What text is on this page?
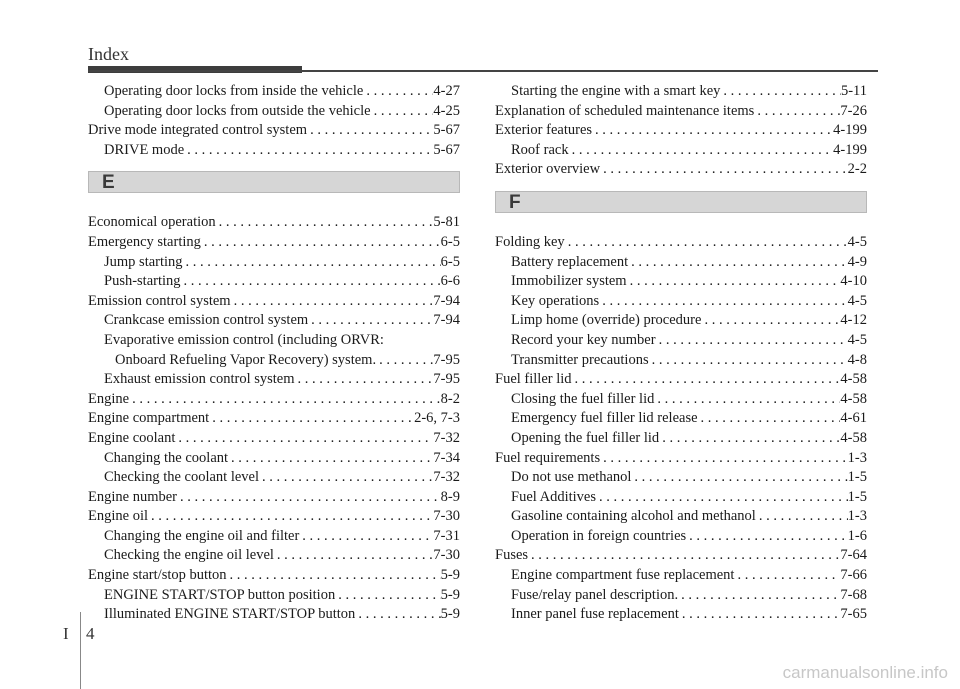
Index
Operating door locks from inside the vehicle . . .	4-27
Operating door locks from outside the vehicle . . .	4-25
Drive mode integrated control system . . .	5-67
DRIVE mode . . .	5-67
E
Economical operation . . .	5-81
Emergency starting . . .	6-5
Jump starting . . .	6-5
Push-starting . . .	6-6
Emission control system . . .	7-94
Crankcase emission control system . . .	7-94
Evaporative emission control (including ORVR:
Onboard Refueling Vapor Recovery) system. . . .	7-95
Exhaust emission control system . . .	7-95
Engine . . .	8-2
Engine compartment . . .	2-6, 7-3
Engine coolant . . .	7-32
Changing the coolant . . .	7-34
Checking the coolant level . . .	7-32
Engine number . . .	8-9
Engine oil . . .	7-30
Changing the engine oil and filter . . .	7-31
Checking the engine oil level . . .	7-30
Engine start/stop button . . .	5-9
ENGINE START/STOP button position . . .	5-9
Illuminated ENGINE START/STOP button . . .	5-9
Starting the engine with a smart key . . .	5-11
Explanation of scheduled maintenance items . . .	7-26
Exterior features . . .	4-199
Roof rack . . .	4-199
Exterior overview . . .	2-2
F
Folding key . . .	4-5
Battery replacement . . .	4-9
Immobilizer system . . .	4-10
Key operations . . .	4-5
Limp home (override) procedure . . .	4-12
Record your key number . . .	4-5
Transmitter precautions . . .	4-8
Fuel filler lid . . .	4-58
Closing the fuel filler lid . . .	4-58
Emergency fuel filler lid release . . .	4-61
Opening the fuel filler lid . . .	4-58
Fuel requirements . . .	1-3
Do not use methanol . . .	1-5
Fuel Additives . . .	1-5
Gasoline containing alcohol and methanol . . .	1-3
Operation in foreign countries . . .	1-6
Fuses . . .	7-64
Engine compartment fuse replacement . . .	7-66
Fuse/relay panel description. . . .	7-68
Inner panel fuse replacement . . .	7-65
I 4
carmanualsonline.info
